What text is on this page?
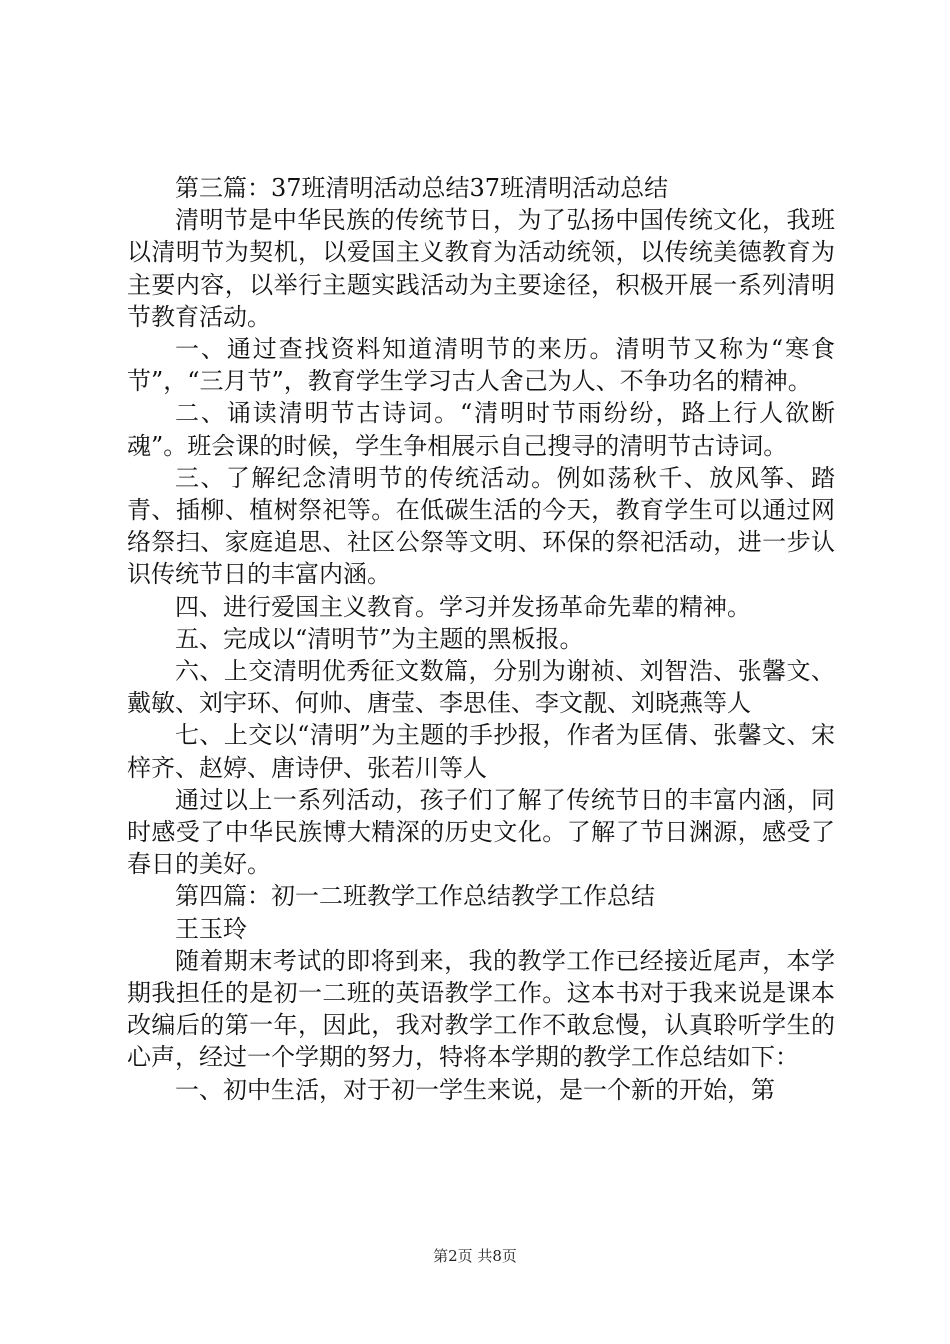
第三篇：37班清明活动总结37班清明活动总结

清明节是中华民族的传统节日，为了弘扬中国传统文化，我班以清明节为契机，以爱国主义教育为活动统领，以传统美德教育为主要内容，以举行主题实践活动为主要途径，积极开展一系列清明节教育活动。

一、通过查找资料知道清明节的来历。清明节又称为“寒食节”，“三月节”，教育学生学习古人舍己为人、不争功名的精神。

二、诵读清明节古诗词。“清明时节雨纷纷，路上行人欲断魂”。班会课的时候，学生争相展示自己搜寻的清明节古诗词。

三、了解纪念清明节的传统活动。例如荡秋千、放风筝、踏青、插柳、植树祭祀等。在低碳生活的今天，教育学生可以通过网络祭扫、家庭追思、社区公祭等文明、环保的祭祀活动，进一步认识传统节日的丰富内涵。

四、进行爱国主义教育。学习并发扬革命先辈的精神。

五、完成以“清明节”为主题的黑板报。

六、上交清明优秀征文数篇，分别为谢祯、刘智浩、张馨文、戴敏、刘宇环、何帅、唐莹、李思佳、李文靓、刘晓燕等人

七、上交以“清明”为主题的手抄报，作者为匡倩、张馨文、宋梓齐、赵婷、唐诗伊、张若川等人

通过以上一系列活动，孩子们了解了传统节日的丰富内涵，同时感受了中华民族博大精深的历史文化。了解了节日渊源，感受了春日的美好。

第四篇：初一二班教学工作总结教学工作总结

王玉玲

随着期末考试的即将到来，我的教学工作已经接近尾声，本学期我担任的是初一二班的英语教学工作。这本书对于我来说是课本改编后的第一年，因此，我对教学工作不敢怠慢，认真聆听学生的心声，经过一个学期的努力，特将本学期的教学工作总结如下：

一、初中生活，对于初一学生来说，是一个新的开始，第

第2页 共8页
